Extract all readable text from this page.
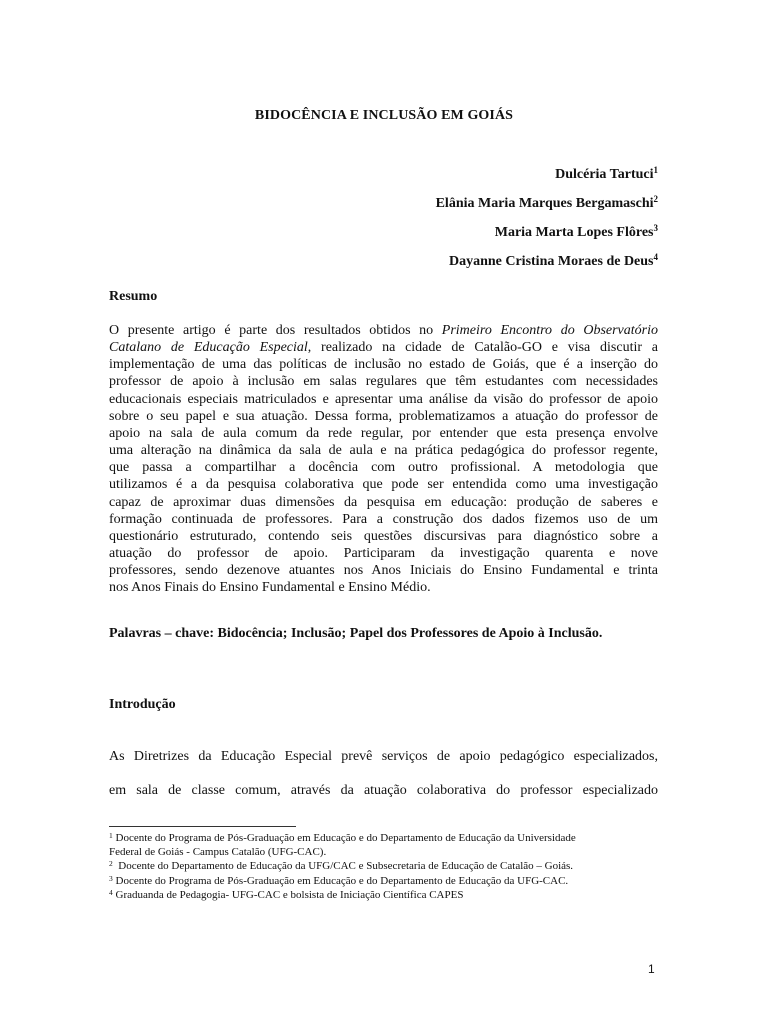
BIDOCÊNCIA E INCLUSÃO EM GOIÁS
Dulcéria Tartuci$^1$
Elânia Maria Marques Bergamaschi$^2$
Maria Marta Lopes Flôres$^3$
Dayanne Cristina Moraes de Deus$^4$
Resumo
O presente artigo é parte dos resultados obtidos no Primeiro Encontro do Observatório
Catalano de Educação Especial, realizado na cidade de Catalão-GO e visa discutir a
implementação de uma das políticas de inclusão no estado de Goiás, que é a inserção do
professor de apoio à inclusão em salas regulares que têm estudantes com necessidades
educacionais especiais matriculados e apresentar uma análise da visão do professor de apoio
sobre o seu papel e sua atuação. Dessa forma, problematizamos a atuação do professor de
apoio na sala de aula comum da rede regular, por entender que esta presença envolve
uma alteração na dinâmica da sala de aula e na prática pedagógica do professor regente,
que passa a compartilhar a docência com outro profissional. A metodologia que
utilizamos é a da pesquisa colaborativa que pode ser entendida como uma investigação
capaz de aproximar duas dimensões da pesquisa em educação: produção de saberes e
formação continuada de professores. Para a construção dos dados fizemos uso de um
questionário estruturado, contendo seis questões discursivas para diagnóstico sobre a
atuação do professor de apoio. Participaram da investigação quarenta e nove
professores, sendo dezenove atuantes nos Anos Iniciais do Ensino Fundamental e trinta
nos Anos Finais do Ensino Fundamental e Ensino Médio.
Palavras – chave: Bidocência; Inclusão; Papel dos Professores de Apoio à Inclusão.
Introdução
As Diretrizes da Educação Especial prevê serviços de apoio pedagógico especializados,
em sala de classe comum, através da atuação colaborativa do professor especializado
$^1$ Docente do Programa de Pós-Graduação em Educação e do Departamento de Educação da Universidade
Federal de Goiás - Campus Catalão (UFG-CAC).
$^2$  Docente do Departamento de Educação da UFG/CAC e Subsecretaria de Educação de Catalão – Goiás.
$^3$ Docente do Programa de Pós-Graduação em Educação e do Departamento de Educação da UFG-CAC.
$^4$ Graduanda de Pedagogia- UFG-CAC e bolsista de Iniciação Científica CAPES
1
